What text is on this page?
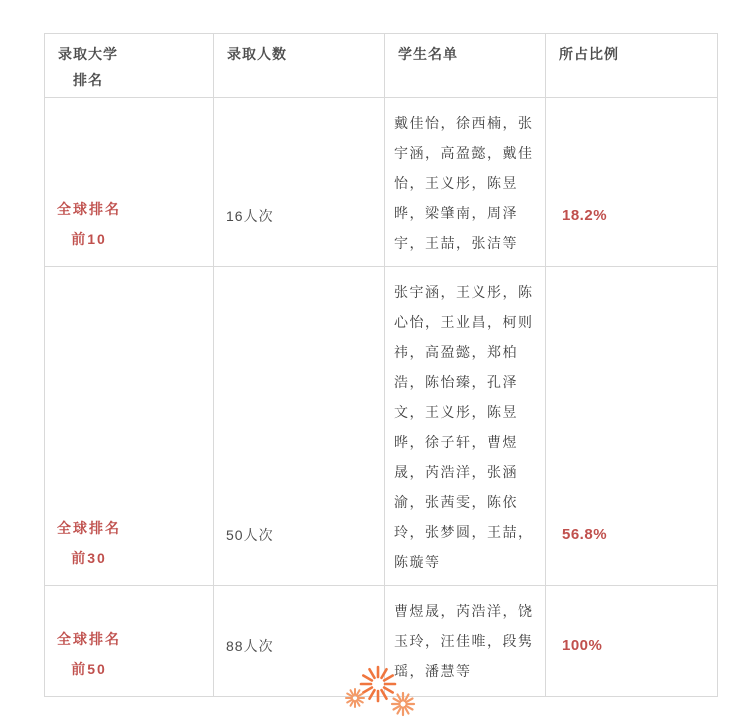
录取大学
排名	录取人数	学生名单	所占比例

全球排名
前10	16人次	戴佳怡，徐西楠，张宇涵，高盈懿，戴佳怡，王义彤，陈昱晔，梁肇南，周泽宇，王喆，张洁等	18.2%

全球排名
前30	50人次	张宇涵，王义彤，陈心怡，王业昌，柯则祎，高盈懿，郑柏浩，陈怡臻，孔泽文，王义彤，陈昱晔，徐子轩，曹煜晟，芮浩洋，张涵渝，张茜雯，陈依玲，张梦圆，王喆，陈璇等	56.8%

全球排名
前50	88人次	曹煜晟，芮浩洋，饶玉玲，汪佳唯，段隽瑶，潘慧等	100%
